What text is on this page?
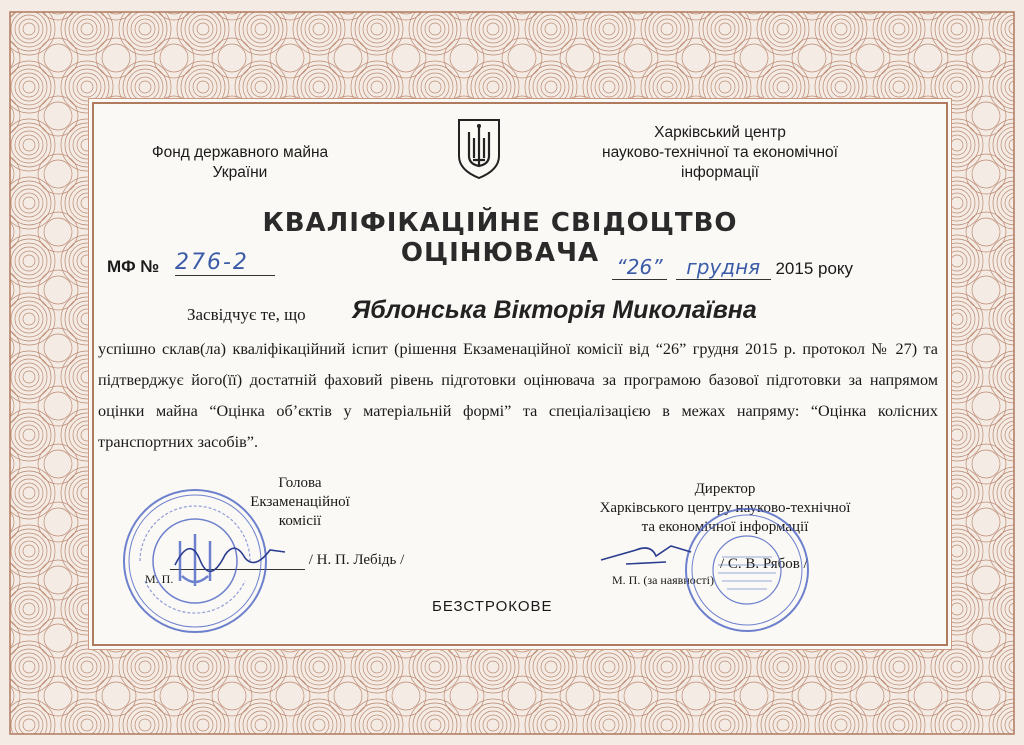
Фонд державного майна
України
Харківський центр
науково-технічної та економічної
інформації
КВАЛІФІКАЦІЙНЕ СВІДОЦТВО ОЦІНЮВАЧА
МФ № 276-2	“26” грудня 2015 року
Засвідчує те, що Яблонська Вікторія Миколаївна
успішно склав(ла) кваліфікаційний іспит (рішення Екзаменаційної комісії від “26” грудня 2015 р. протокол № 27) та підтверджує його(її) достатній фаховий рівень підготовки оцінювача за програмою базової підготовки за напрямом оцінки майна “Оцінка об’єктів у матеріальній формі” та спеціалізацією в межах напряму: “Оцінка колісних транспортних засобів”.
Голова
Екзаменаційної
комісії
/ Н. П. Лебідь /
М. П.
Директор
Харківського центру науково-технічної
та економічної інформації
/ С. В. Рябов /
М. П. (за наявності)
БЕЗСТРОКОВЕ
